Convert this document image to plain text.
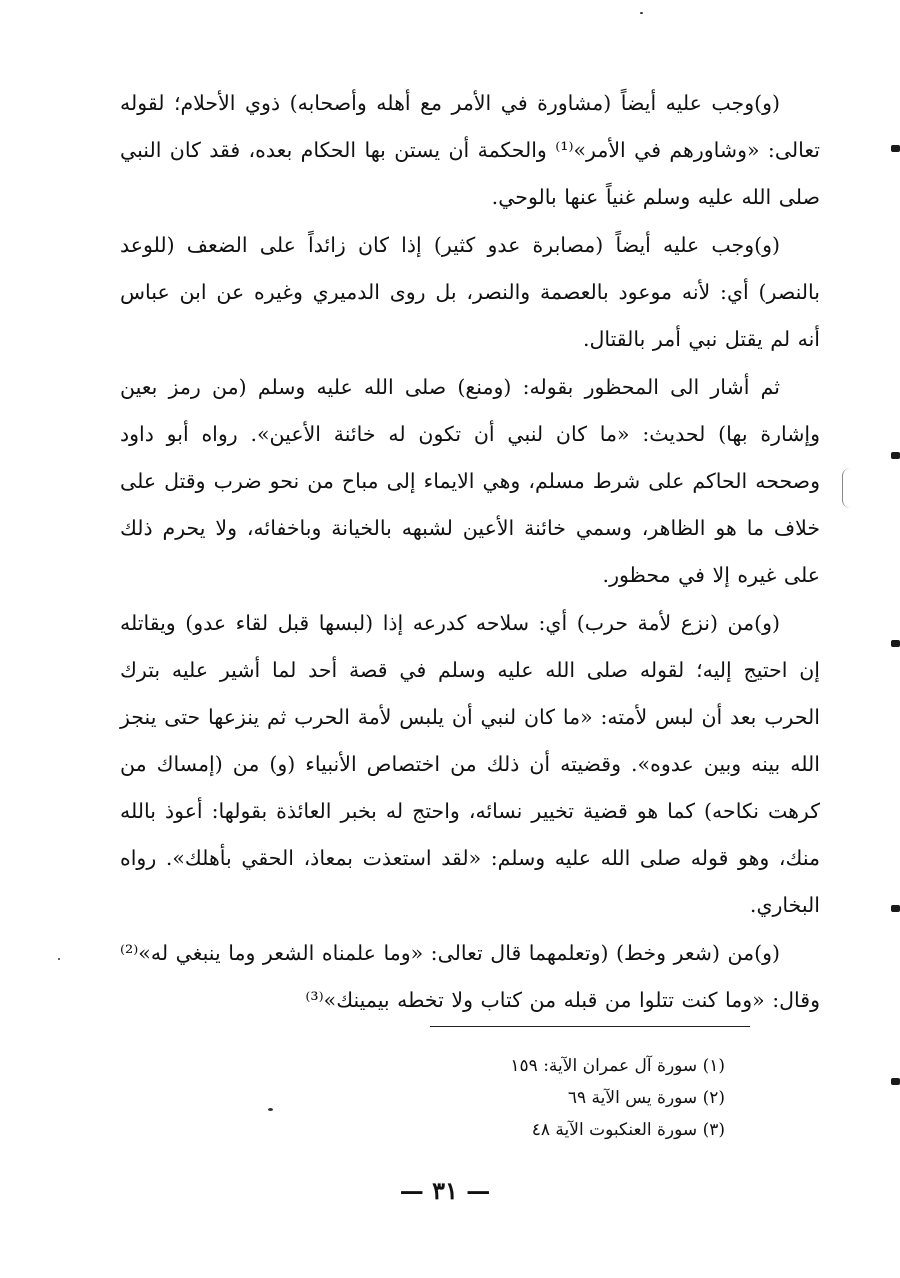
(و)وجب عليه أيضاً (مشاورة في الأمر مع أهله وأصحابه) ذوي الأحلام؛ لقوله تعالى: «وشاورهم في الأمر»⁽¹⁾ والحكمة أن يستن بها الحكام بعده، فقد كان النبي صلى الله عليه وسلم غنياً عنها بالوحي.

(و)وجب عليه أيضاً (مصابرة عدو كثير) إذا كان زائداً على الضعف (للوعد بالنصر) أي: لأنه موعود بالعصمة والنصر، بل روى الدميري وغيره عن ابن عباس أنه لم يقتل نبي أمر بالقتال.

ثم أشار الى المحظور بقوله: (ومنع) صلى الله عليه وسلم (من رمز بعين وإشارة بها) لحديث: «ما كان لنبي أن تكون له خائنة الأعين». رواه أبو داود وصححه الحاكم على شرط مسلم، وهي الايماء إلى مباح من نحو ضرب وقتل على خلاف ما هو الظاهر، وسمي خائنة الأعين لشبهه بالخيانة وباخفائه، ولا يحرم ذلك على غيره إلا في محظور.

(و)من (نزع لأمة حرب) أي: سلاحه كدرعه إذا (لبسها قبل لقاء عدو) ويقاتله إن احتيج إليه؛ لقوله صلى الله عليه وسلم في قصة أحد لما أشير عليه بترك الحرب بعد أن لبس لأمته: «ما كان لنبي أن يلبس لأمة الحرب ثم ينزعها حتى ينجز الله بينه وبين عدوه». وقضيته أن ذلك من اختصاص الأنبياء (و) من (إمساك من كرهت نكاحه) كما هو قضية تخيير نسائه، واحتج له بخبر العائذة بقولها: أعوذ بالله منك، وهو قوله صلى الله عليه وسلم: «لقد استعذت بمعاذ، الحقي بأهلك». رواه البخاري.

(و)من (شعر وخط) (وتعلمهما قال تعالى: «وما علمناه الشعر وما ينبغي له»⁽²⁾ وقال: «وما كنت تتلوا من قبله من كتاب ولا تخطه بيمينك»⁽³⁾

(١) سورة آل عمران الآية: ١٥٩

(٢) سورة يس الآية ٦٩

(٣) سورة العنكبوت الآية ٤٨

— ٣١ —
